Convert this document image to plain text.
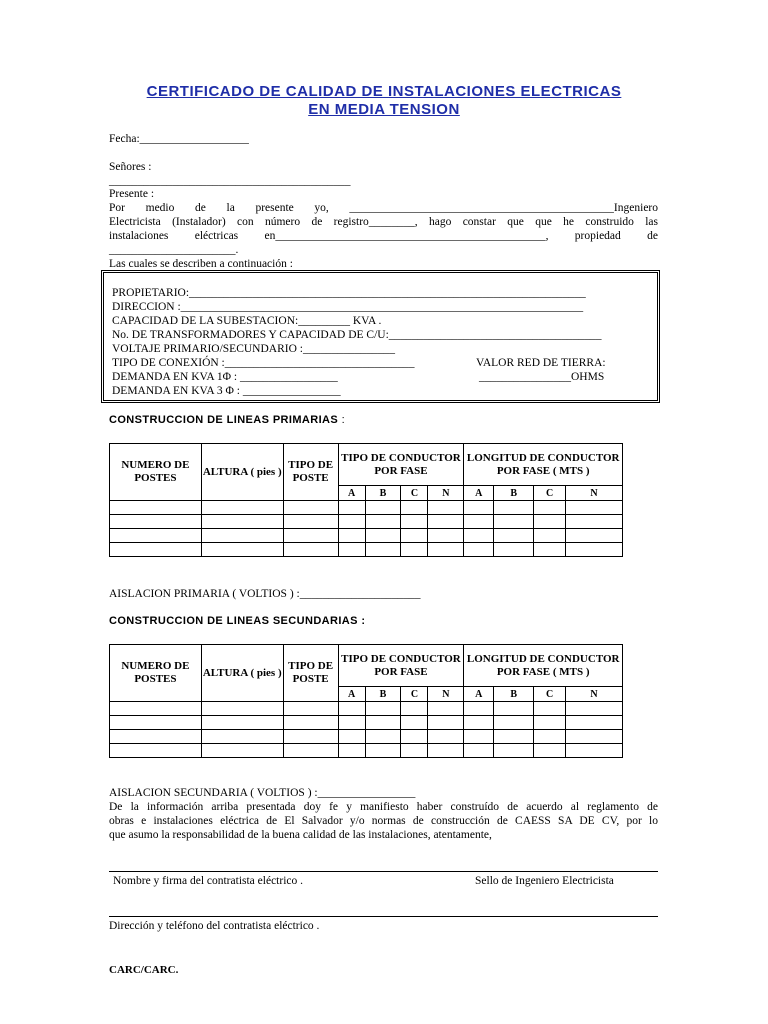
CERTIFICADO DE CALIDAD DE INSTALACIONES ELECTRICAS
EN MEDIA TENSION
Fecha:___________________
Señores :
__________________________________________
Presente :
Por medio de la presente yo, ______________________________________________Ingeniero
Electricista (Instalador) con número de registro________, hago constar que que he construido las
instalaciones eléctricas en_______________________________________________, propiedad de
______________________.
Las cuales se describen a continuación :
PROPIETARIO:_____________________________________________________________________
DIRECCION :______________________________________________________________________
CAPACIDAD DE LA SUBESTACION:_________ KVA .
No. DE TRANSFORMADORES Y CAPACIDAD DE C/U:_____________________________________
VOLTAJE PRIMARIO/SECUNDARIO :________________
TIPO DE CONEXIÓN :_________________________________	VALOR RED DE TIERRA:
DEMANDA EN KVA 1Φ : _________________	________________OHMS
DEMANDA EN KVA 3 Φ : _________________
CONSTRUCCION DE LINEAS PRIMARIAS :
NUMERO DE POSTES	ALTURA ( pies )	TIPO DE POSTE	TIPO DE CONDUCTOR POR FASE				LONGITUD DE CONDUCTOR POR FASE ( MTS )			
			A	B	C	N	A	B	C	N

AISLACION PRIMARIA ( VOLTIOS ) :_____________________
CONSTRUCCION DE LINEAS SECUNDARIAS :
NUMERO DE POSTES	ALTURA ( pies )	TIPO DE POSTE	TIPO DE CONDUCTOR POR FASE				LONGITUD DE CONDUCTOR POR FASE ( MTS )			
			A	B	C	N	A	B	C	N

AISLACION SECUNDARIA ( VOLTIOS ) :_________________
De la información arriba presentada doy fe y manifiesto haber construído de acuerdo al reglamento de
obras e instalaciones eléctrica de El Salvador y/o normas de construcción de CAESS SA DE CV, por lo
que asumo la responsabilidad de la buena calidad de las instalaciones, atentamente,
Nombre y firma del contratista eléctrico .	Sello de Ingeniero Electricista
Dirección y teléfono del contratista eléctrico .
CARC/CARC.
